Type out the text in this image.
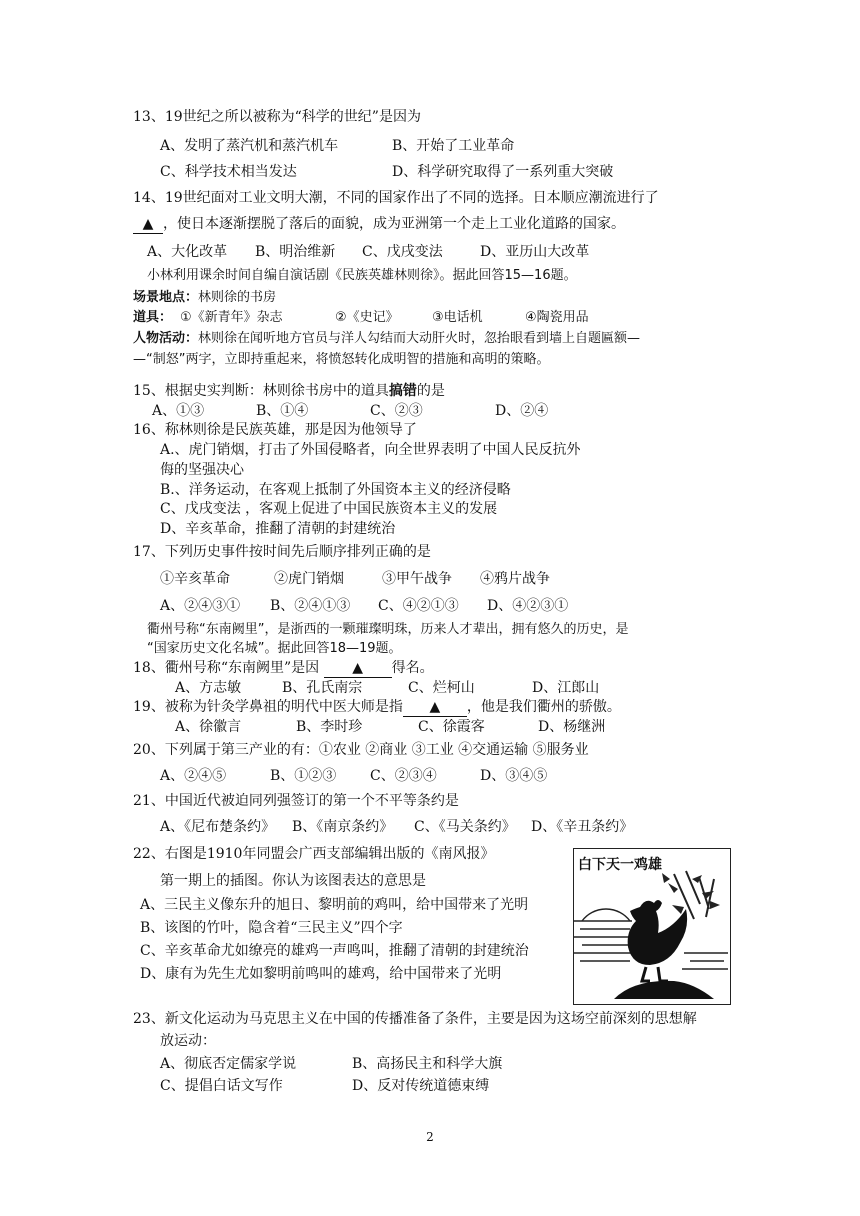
13、19世纪之所以被称为“科学的世纪”是因为
A、发明了蒸汽机和蒸汽机车	B、开始了工业革命
C、科学技术相当发达	D、科学研究取得了一系列重大突破
14、19世纪面对工业文明大潮，不同的国家作出了不同的选择。日本顺应潮流进行了
▲ ，使日本逐渐摆脱了落后的面貌，成为亚洲第一个走上工业化道路的国家。
A、大化改革 B、明治维新 C、戊戌变法	D、亚历山大改革
小林利用课余时间自编自演话剧《民族英雄林则徐》。据此回答15—16题。
场景地点：林则徐的书房
道具： ①《新青年》杂志	②《史记》	③电话机	④陶瓷用品
人物活动：林则徐在闻听地方官员与洋人勾结而大动肝火时，忽抬眼看到墙上自题匾额—
—“制怒”两字，立即持重起来，将愤怒转化成明智的措施和高明的策略。
15、根据史实判断：林则徐书房中的道具搞错的是
A、①③	B、①④	C、②③	D、②④
16、称林则徐是民族英雄，那是因为他领导了
A.、虎门销烟，打击了外国侵略者，向全世界表明了中国人民反抗外
侮的坚强决心
B.、洋务运动，在客观上抵制了外国资本主义的经济侵略
C、戊戌变法 ，客观上促进了中国民族资本主义的发展
D、辛亥革命，推翻了清朝的封建统治
17、下列历史事件按时间先后顺序排列正确的是
①辛亥革命	②虎门销烟	③甲午战争 ④鸦片战争
A、②④③① B、②④①③ C、④②①③ D、④②③①
衢州号称“东南阙里”，是浙西的一颗璀璨明珠，历来人才辈出，拥有悠久的历史，是
“国家历史文化名城”。据此回答18—19题。
18、衢州号称“东南阙里”是因 ▲ 得名。
A、方志敏	B、孔氏南宗	C、烂柯山	D、江郎山
19、被称为针灸学鼻祖的明代中医大师是指 ▲ ，他是我们衢州的骄傲。
A、徐徽言	B、李时珍	C、徐霞客	D、杨继洲
20、下列属于第三产业的有：①农业 ②商业 ③工业 ④交通运输 ⑤服务业
A、②④⑤	B、①②③ C、②③④	D、③④⑤
21、中国近代被迫同列强签订的第一个不平等条约是
A、《尼布楚条约》 B、《南京条约》 C、《马关条约》 D、《辛丑条约》
22、右图是1910年同盟会广西支部编辑出版的《南风报》
第一期上的插图。你认为该图表达的意思是
A、三民主义像东升的旭日、黎明前的鸡叫，给中国带来了光明
B、该图的竹叶，隐含着“三民主义”四个字
C、辛亥革命尤如缭亮的雄鸡一声鸣叫，推翻了清朝的封建统治
D、康有为先生尤如黎明前鸣叫的雄鸡，给中国带来了光明
白下天一鸡雄
23、新文化运动为马克思主义在中国的传播准备了条件，主要是因为这场空前深刻的思想解
放运动：
A、彻底否定儒家学说	B、高扬民主和科学大旗
C、提倡白话文写作	D、反对传统道德束缚
2
